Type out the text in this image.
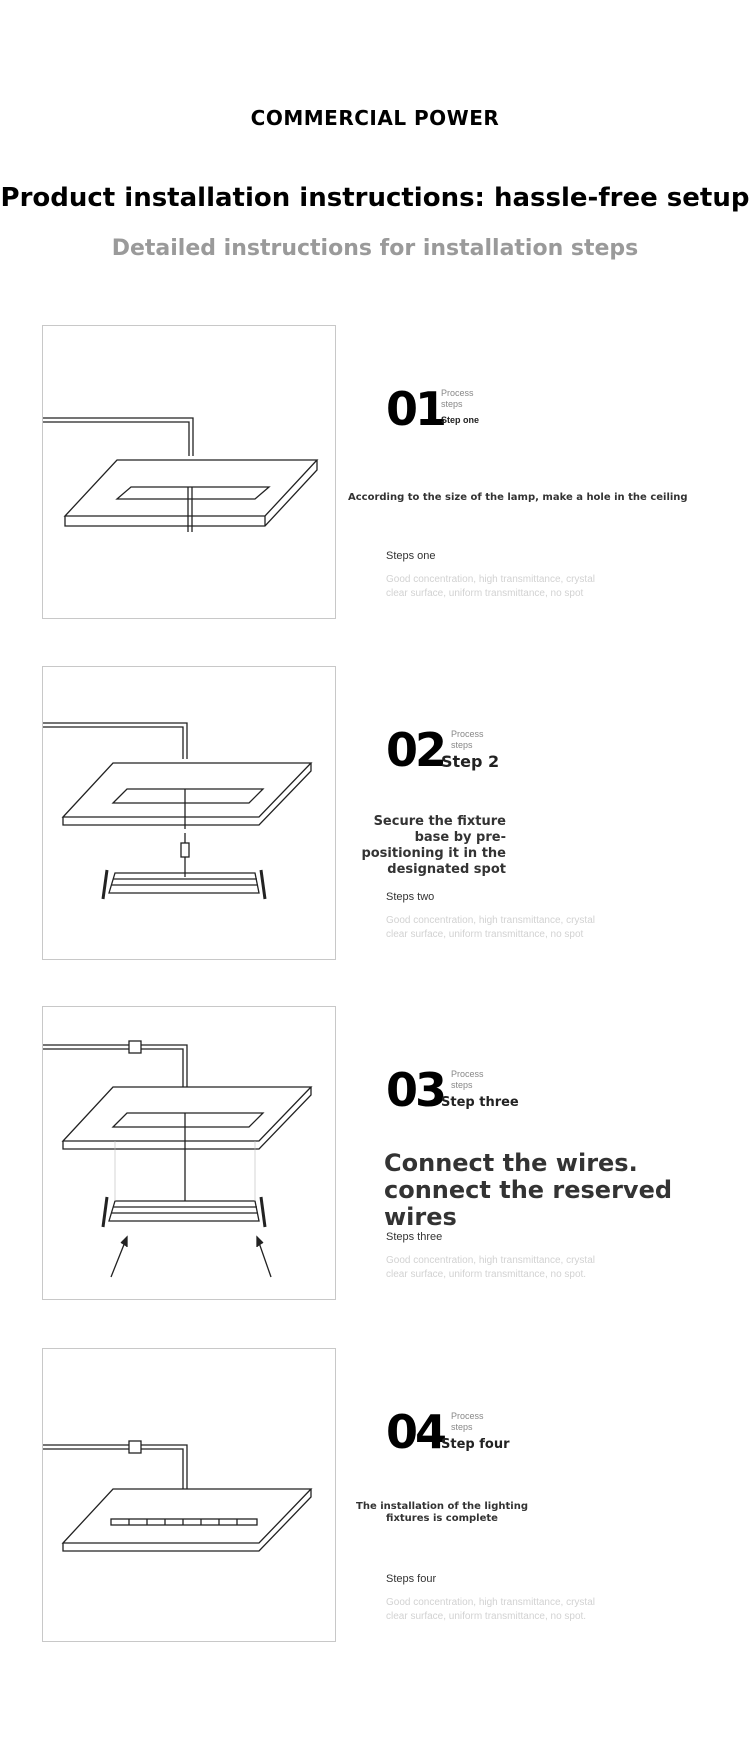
COMMERCIAL POWER
Product installation instructions: hassle-free setup
Detailed instructions for installation steps
01
Process steps
Step one
According to the size of the lamp, make a hole in the ceiling
Steps one
Good concentration, high transmittance, crystal clear surface, uniform transmittance, no spot
02 Process steps
Step 2
Secure the fixture base by pre-positioning it in the designated spot
Steps two
Good concentration, high transmittance, crystal clear surface, uniform transmittance, no spot
03 Process steps
Step three
Connect the wires. connect the reserved wires
Steps three
Good concentration, high transmittance, crystal clear surface, uniform transmittance, no spot.
04 Process steps
Step four
The installation of the lighting fixtures is complete
Steps four
Good concentration, high transmittance, crystal clear surface, uniform transmittance, no spot.
